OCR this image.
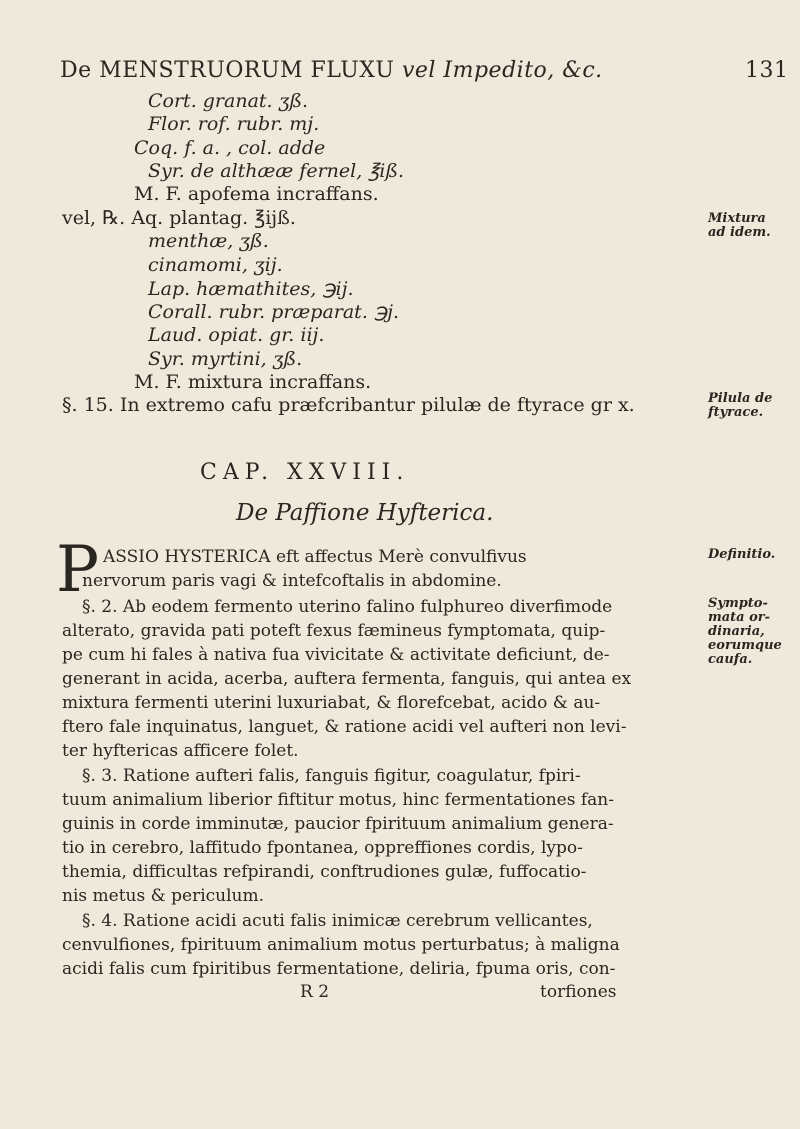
De MENSTRUORUM FLUXU vel Impedito, &c.	131
Cort. granat. ʒß.
Flor. rof. rubr. mj.
Coq. f. a. , col. adde
Syr. de althææ fernel, ℥iß.
M. F. apofema incraffans.
vel, ℞. Aq. plantag. ℥ijß.
menthæ, ʒß.
cinamomi, ʒij.
Lap. hæmathites, ℈ij.
Corall. rubr. præparat. ℈j.
Laud. opiat. gr. iij.
Syr. myrtini, ʒß.
M. F. mixtura incraffans.
§. 15. In extremo cafu præfcribantur pilulæ de ftyrace gr x.
Mixtura
ad idem.
Pilula de
ftyrace.
CAP. XXVIII.
De Paffione Hyfterica.
P	Definitio.
Sympto-
mata or-
dinaria,
eorumque
caufa.
ASSIO HYSTERICA eft affectus Merè convulfivus
nervorum paris vagi & intefcoftalis in abdomine.
§. 2. Ab eodem fermento uterino falino fulphureo diverfimode
alterato, gravida pati poteft fexus fæmineus fymptomata, quip-
pe cum hi fales à nativa fua vivicitate & activitate deficiunt, de-
generant in acida, acerba, auftera fermenta, fanguis, qui antea ex
mixtura fermenti uterini luxuriabat, & florefcebat, acido & au-
ftero fale inquinatus, languet, & ratione acidi vel aufteri non levi-
ter hyftericas afficere folet.
§. 3. Ratione aufteri falis, fanguis figitur, coagulatur, fpiri-
tuum animalium liberior fiftitur motus, hinc fermentationes fan-
guinis in corde imminutæ, paucior fpirituum animalium genera-
tio in cerebro, laffitudo fpontanea, oppreffiones cordis, lypo-
themia, difficultas refpirandi, conftrudiones gulæ, fuffocatio-
nis metus & periculum.
§. 4. Ratione acidi acuti falis inimicæ cerebrum vellicantes,
cenvulfiones, fpirituum animalium motus perturbatus; à maligna
acidi falis cum fpiritibus fermentatione, deliria, fpuma oris, con-
R 2	torfiones
